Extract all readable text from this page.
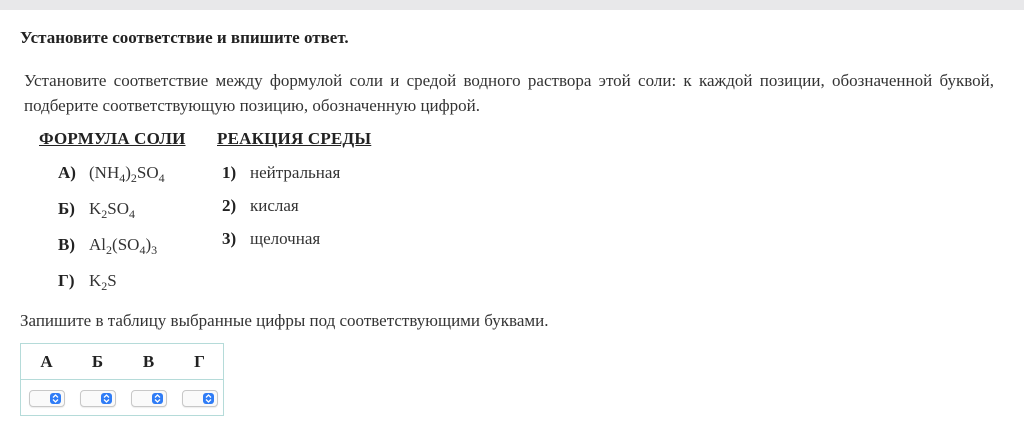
Установите соответствие и впишите ответ.
Установите соответствие между формулой соли и средой водного раствора этой соли: к каждой позиции, обозначенной буквой, подберите соответствующую позицию, обозначенную цифрой.
ФОРМУЛА СОЛИ РЕАКЦИЯ СРЕДЫ
А) $(NH_4)_2SO_4$
Б) $K_2SO_4$
В) $Al_2(SO_4)_3$
Г) $K_2S$
1) нейтральная
2) кислая
3) щелочная
Запишите в таблицу выбранные цифры под соответствующими буквами.
А	Б	В	Г
